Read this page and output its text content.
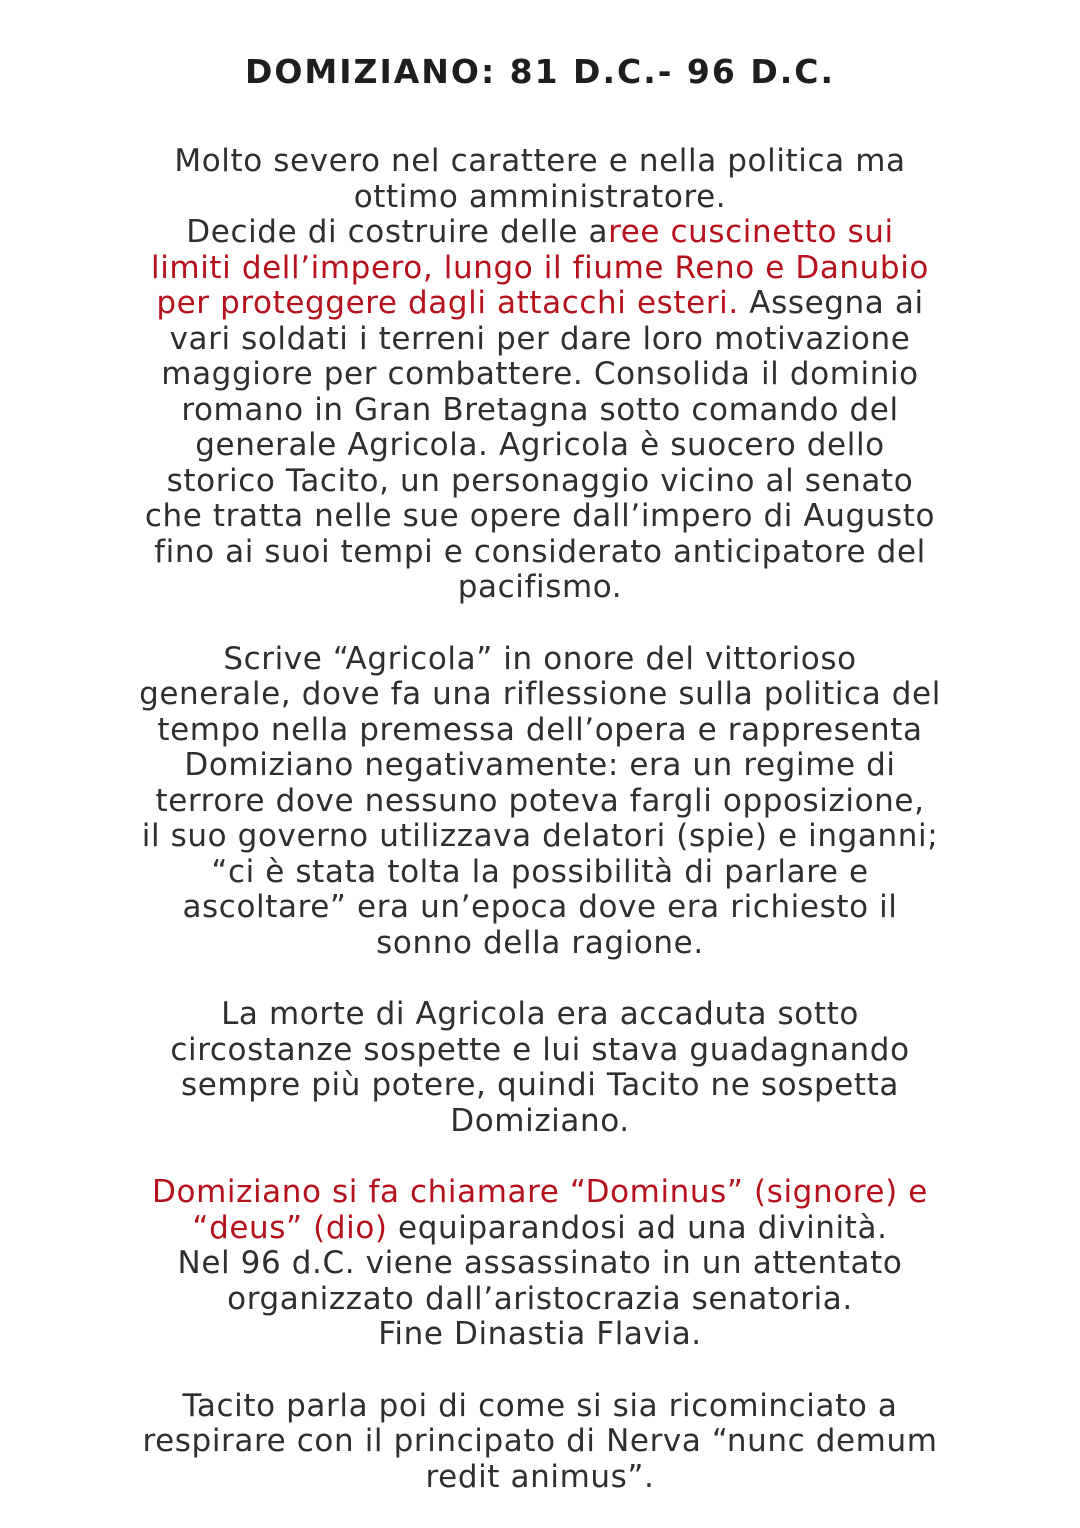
DOMIZIANO: 81 D.C.- 96 D.C.
Molto severo nel carattere e nella politica ma
ottimo amministratore.
Decide di costruire delle aree cuscinetto sui
limiti dell’impero, lungo il fiume Reno e Danubio
per proteggere dagli attacchi esteri. Assegna ai
vari soldati i terreni per dare loro motivazione
maggiore per combattere. Consolida il dominio
romano in Gran Bretagna sotto comando del
generale Agricola. Agricola è suocero dello
storico Tacito, un personaggio vicino al senato
che tratta nelle sue opere dall’impero di Augusto
fino ai suoi tempi e considerato anticipatore del
pacifismo.
Scrive “Agricola” in onore del vittorioso
generale, dove fa una riflessione sulla politica del
tempo nella premessa dell’opera e rappresenta
Domiziano negativamente: era un regime di
terrore dove nessuno poteva fargli opposizione,
il suo governo utilizzava delatori (spie) e inganni;
“ci è stata tolta la possibilità di parlare e
ascoltare” era un’epoca dove era richiesto il
sonno della ragione.
La morte di Agricola era accaduta sotto
circostanze sospette e lui stava guadagnando
sempre più potere, quindi Tacito ne sospetta
Domiziano.
Domiziano si fa chiamare “Dominus” (signore) e
“deus” (dio) equiparandosi ad una divinità.
Nel 96 d.C. viene assassinato in un attentato
organizzato dall’aristocrazia senatoria.
Fine Dinastia Flavia.
Tacito parla poi di come si sia ricominciato a
respirare con il principato di Nerva “nunc demum
redit animus”.
